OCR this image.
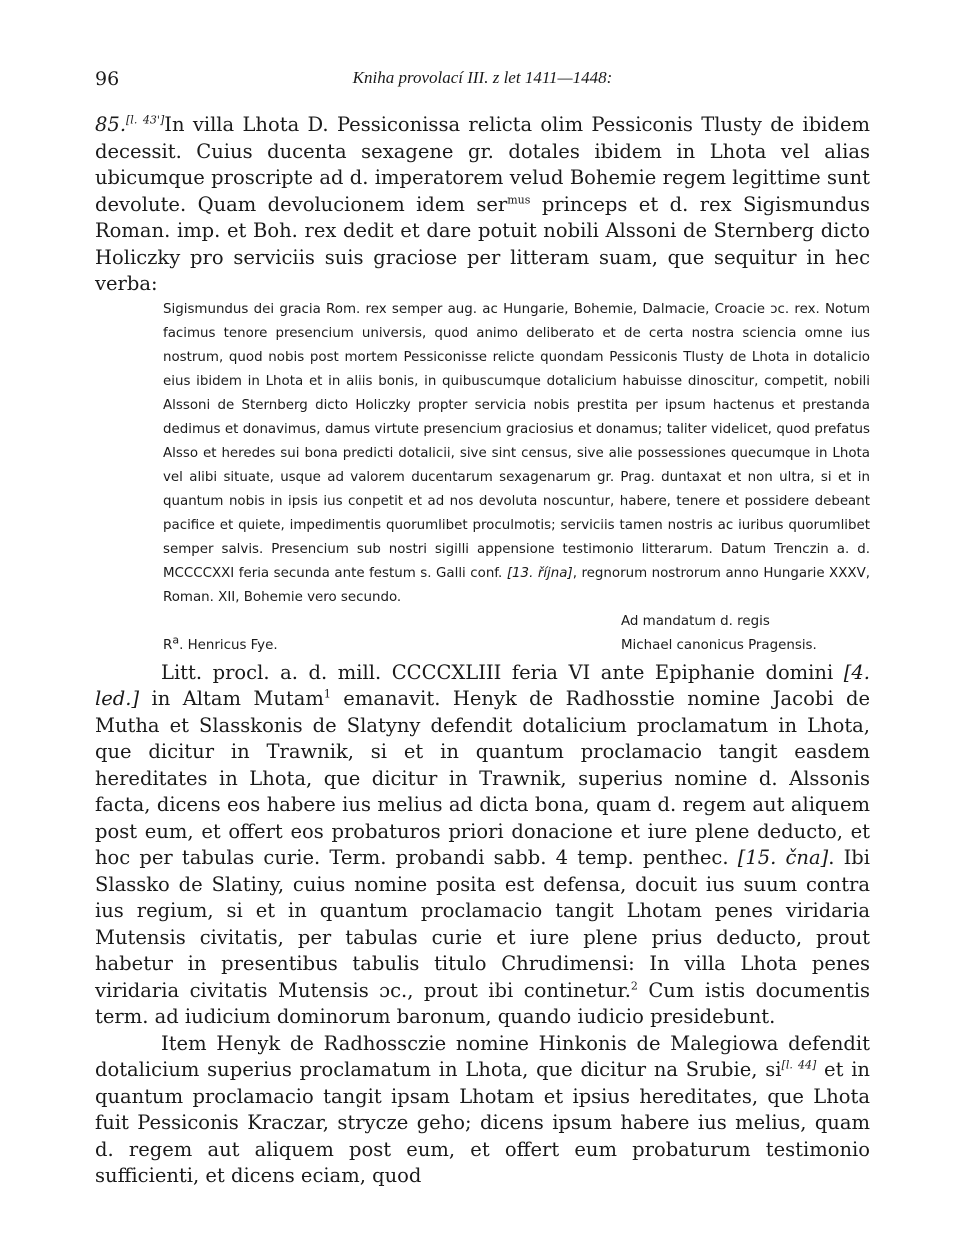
96	Kniha provolací III. z let 1411—1448:

85.[l. 43']In villa Lhota D. Pessiconissa relicta olim Pessiconis Tlusty de ibidem decessit. Cuius ducenta sexagene gr. dotales ibidem in Lhota vel alias ubicumque proscripte ad d. imperatorem velud Bohemie regem legittime sunt devolute. Quam devolucionem idem ser$^{mus}$ princeps et d. rex Sigismundus Roman. imp. et Boh. rex dedit et dare potuit nobili Alssoni de Sternberg dicto Holiczky pro serviciis suis graciose per litteram suam, que sequitur in hec verba:

Sigismundus dei gracia Rom. rex semper aug. ac Hungarie, Bohemie, Dalmacie, Croacie ɔc. rex. Notum facimus tenore presencium universis, quod animo deliberato et de certa nostra sciencia omne ius nostrum, quod nobis post mortem Pessiconisse relicte quondam Pessiconis Tlusty de Lhota in dotalicio eius ibidem in Lhota et in aliis bonis, in quibuscumque dotalicium habuisse dinoscitur, competit, nobili Alssoni de Sternberg dicto Holiczky propter servicia nobis prestita per ipsum hactenus et prestanda dedimus et donavimus, damus virtute presencium graciosius et donamus; taliter videlicet, quod prefatus Alsso et heredes sui bona predicti dotalicii, sive sint census, sive alie possessiones quecumque in Lhota vel alibi situate, usque ad valorem ducentarum sexagenarum gr. Prag. duntaxat et non ultra, si et in quantum nobis in ipsis ius conpetit et ad nos devoluta noscuntur, habere, tenere et possidere debeant pacifice et quiete, impedimentis quorumlibet proculmotis; serviciis tamen nostris ac iuribus quorumlibet semper salvis. Presencium sub nostri sigilli appensione testimonio litterarum. Datum Trenczin a. d. MCCCCXXI feria secunda ante festum s. Galli conf. [13. října], regnorum nostrorum anno Hungarie XXXV, Roman. XII, Bohemie vero secundo.

Ad mandatum d. regis
$R^a$. Henricus Fye.	Michael canonicus Pragensis.

Litt. procl. a. d. mill. CCCCXLIII feria VI ante Epiphanie domini [4. led.] in Altam Mutam$^1$ emanavit. Henyk de Radhosstie nomine Jacobi de Mutha et Slasskonis de Slatyny defendit dotalicium proclamatum in Lhota, que dicitur in Trawnik, si et in quantum proclamacio tangit easdem hereditates in Lhota, que dicitur in Trawnik, superius nomine d. Alssonis facta, dicens eos habere ius melius ad dicta bona, quam d. regem aut aliquem post eum, et offert eos probaturos priori donacione et iure plene deducto, et hoc per tabulas curie. Term. probandi sabb. 4 temp. penthec. [15. čna]. Ibi Slassko de Slatiny, cuius nomine posita est defensa, docuit ius suum contra ius regium, si et in quantum proclamacio tangit Lhotam penes viridaria Mutensis civitatis, per tabulas curie et iure plene prius deducto, prout habetur in presentibus tabulis titulo Chrudimensi: In villa Lhota penes viridaria civitatis Mutensis ɔc., prout ibi continetur.$^2$ Cum istis documentis term. ad iudicium dominorum baronum, quando iudicio presidebunt.

Item Henyk de Radhossczie nomine Hinkonis de Malegiowa defendit dotalicium superius proclamatum in Lhota, que dicitur na Srubie, si[l. 44] et in quantum proclamacio tangit ipsam Lhotam et ipsius hereditates, que Lhota fuit Pessiconis Kraczar, strycze geho; dicens ipsum habere ius melius, quam d. regem aut aliquem post eum, et offert eum probaturum testimonio sufficienti, et dicens eciam, quod
